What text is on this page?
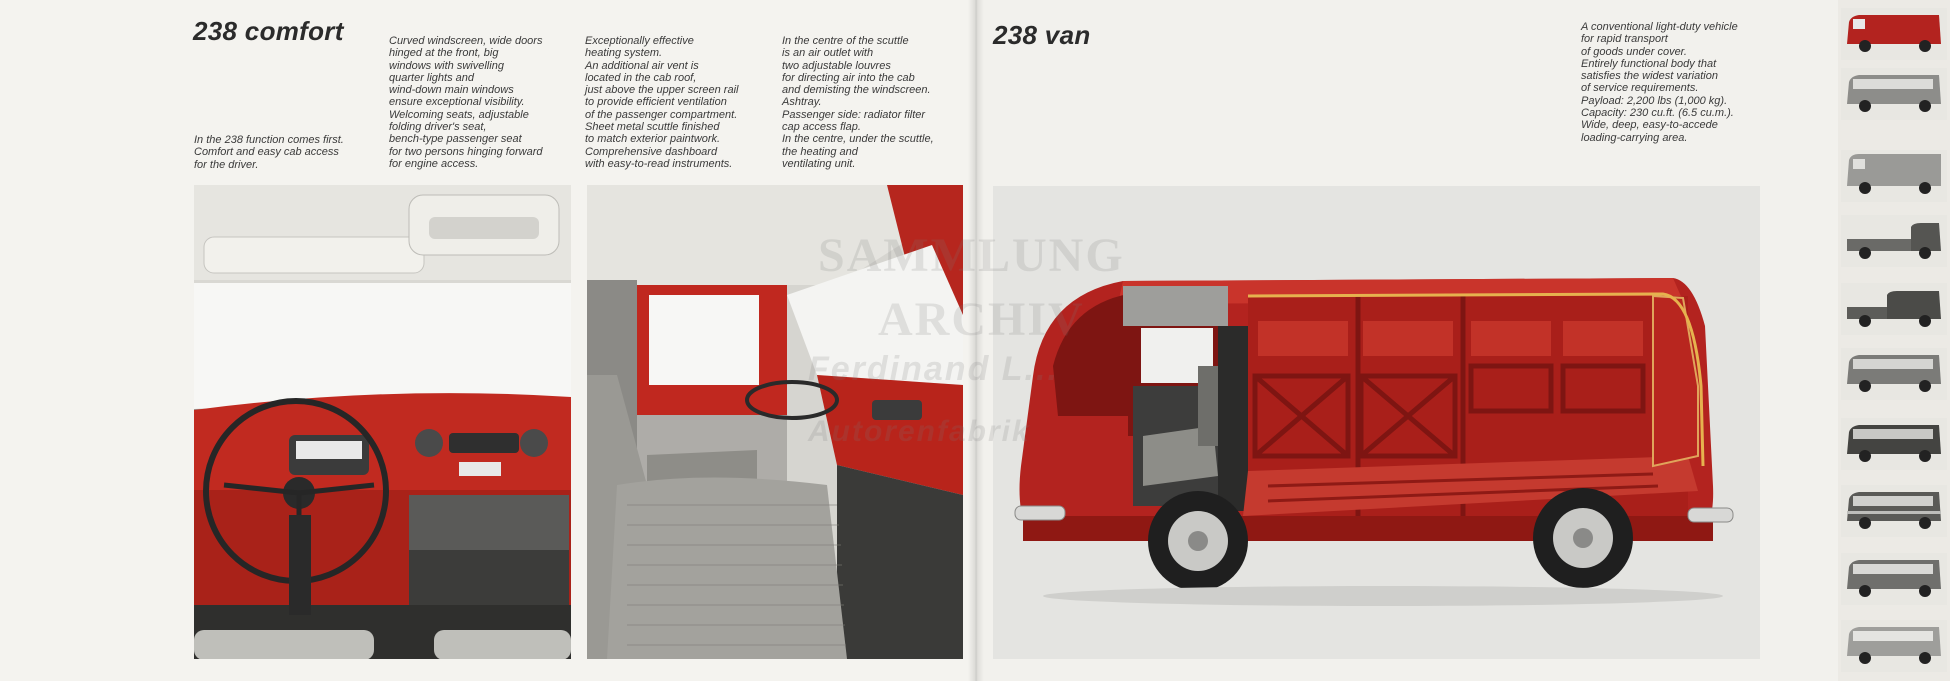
238 comfort
In the 238 function comes first.
Comfort and easy cab access
for the driver.
Curved windscreen, wide doors
hinged at the front, big
windows with swivelling
quarter lights and
wind-down main windows
ensure exceptional visibility.
Welcoming seats, adjustable
folding driver's seat,
bench-type passenger seat
for two persons hinging forward
for engine access.
Exceptionally effective
heating system.
An additional air vent is
located in the cab roof,
just above the upper screen rail
to provide efficient ventilation
of the passenger compartment.
Sheet metal scuttle finished
to match exterior paintwork.
Comprehensive dashboard
with easy-to-read instruments.
In the centre of the scuttle
is an air outlet with
two adjustable louvres
for directing air into the cab
and demisting the windscreen.
Ashtray.
Passenger side: radiator filter
cap access flap.
In the centre, under the scuttle,
the heating and
ventilating unit.
238 van	A conventional light-duty vehicle
for rapid transport
of goods under cover.
Entirely functional body that
satisfies the widest variation
of service requirements.
Payload: 2,200 lbs (1,000 kg).
Capacity: 230 cu.ft. (6.5 cu.m.).
Wide, deep, easy-to-accede
loading-carrying area.
